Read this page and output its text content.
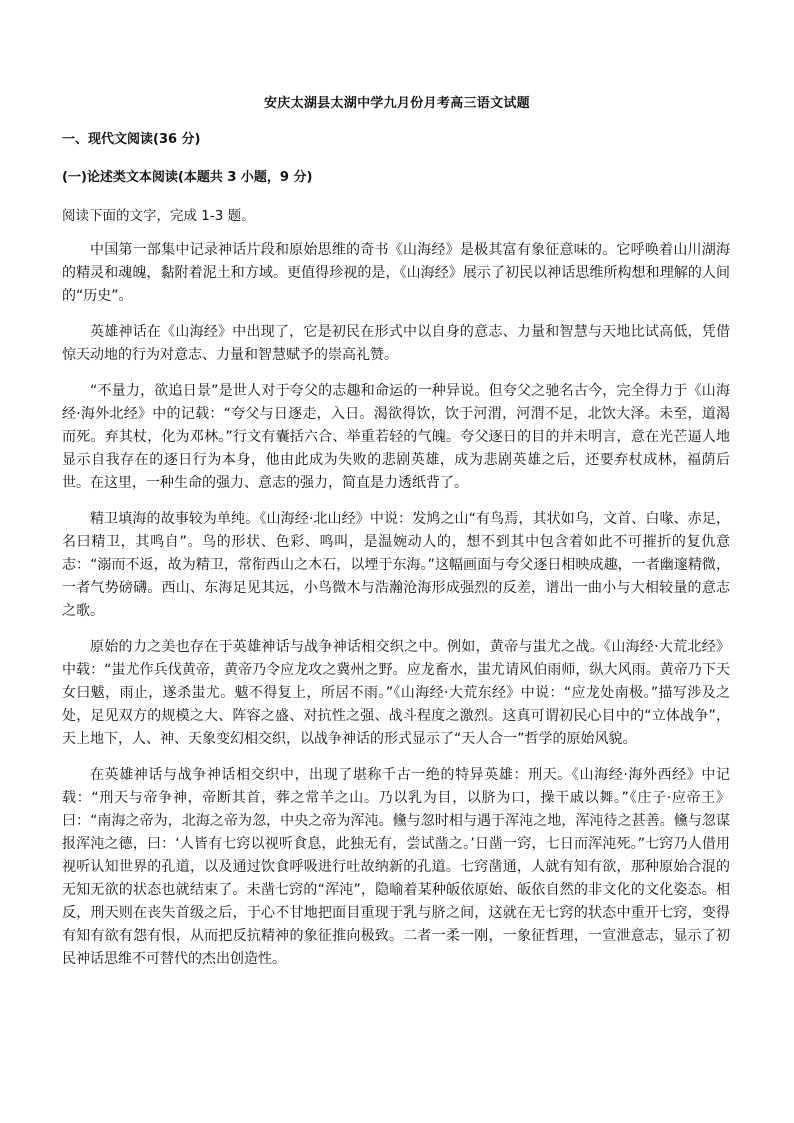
安庆太湖县太湖中学九月份月考高三语文试题
一、现代文阅读(36 分)
(一)论述类文本阅读(本题共 3 小题，9 分)
阅读下面的文字，完成 1-3 题。

中国第一部集中记录神话片段和原始思维的奇书《山海经》是极其富有象征意味的。它呼唤着山川湖海的精灵和魂魄，黏附着泥土和方域。更值得珍视的是，《山海经》展示了初民以神话思维所构想和理解的人间的“历史”。

英雄神话在《山海经》中出现了，它是初民在形式中以自身的意志、力量和智慧与天地比试高低，凭借惊天动地的行为对意志、力量和智慧赋予的崇高礼赞。

“不量力，欲追日景”是世人对于夸父的志趣和命运的一种异说。但夸父之驰名古今，完全得力于《山海经·海外北经》中的记载：“夸父与日逐走，入日。渴欲得饮，饮于河渭，河渭不足，北饮大泽。未至，道渴而死。弃其杖，化为邓林。”行文有囊括六合、举重若轻的气魄。夸父逐日的目的并未明言，意在光芒逼人地显示自我存在的逐日行为本身，他由此成为失败的悲剧英雄，成为悲剧英雄之后，还要弃杖成林，福荫后世。在这里，一种生命的强力、意志的强力，简直是力透纸背了。

精卫填海的故事较为单纯。《山海经·北山经》中说：发鸠之山“有鸟焉，其状如乌，文首、白喙、赤足，名曰精卫，其鸣自”。鸟的形状、色彩、鸣叫，是温婉动人的，想不到其中包含着如此不可摧折的复仇意志：“溺而不返，故为精卫，常衔西山之木石，以堙于东海。”这幅画面与夸父逐日相映成趣，一者幽邃精微，一者气势磅礴。西山、东海足见其远，小鸟微木与浩瀚沧海形成强烈的反差，谱出一曲小与大相较量的意志之歌。

原始的力之美也存在于英雄神话与战争神话相交织之中。例如，黄帝与蚩尤之战。《山海经·大荒北经》中载：“蚩尤作兵伐黄帝，黄帝乃令应龙攻之冀州之野。应龙畜水，蚩尤请风伯雨师，纵大风雨。黄帝乃下天女曰魃，雨止，遂杀蚩尤。魃不得复上，所居不雨。”《山海经·大荒东经》中说：“应龙处南极。”描写涉及之处，足见双方的规模之大、阵容之盛、对抗性之强、战斗程度之激烈。这真可谓初民心目中的“立体战争”，天上地下，人、神、天象变幻相交织，以战争神话的形式显示了“天人合一”哲学的原始风貌。

在英雄神话与战争神话相交织中，出现了堪称千古一绝的特异英雄：刑天。《山海经·海外西经》中记载：“刑天与帝争神，帝断其首，葬之常羊之山。乃以乳为目，以脐为口，操干戚以舞。”《庄子·应帝王》曰：“南海之帝为，北海之帝为忽，中央之帝为浑沌。儵与忽时相与遇于浑沌之地，浑沌待之甚善。儵与忽谋报浑沌之德，曰：‘人皆有七窍以视听食息，此独无有，尝试凿之。’日凿一窍，七日而浑沌死。”七窍乃人借用视听认知世界的孔道，以及通过饮食呼吸进行吐故纳新的孔道。七窍凿通，人就有知有欲，那种原始合混的无知无欲的状态也就结束了。未凿七窍的“浑沌”，隐喻着某种皈依原始、皈依自然的非文化的文化姿态。相反，刑天则在丧失首级之后，于心不甘地把面目重现于乳与脐之间，这就在无七窍的状态中重开七窍，变得有知有欲有怨有恨，从而把反抗精神的象征推向极致。二者一柔一刚，一象征哲理，一宣泄意志，显示了初民神话思维不可替代的杰出创造性。
